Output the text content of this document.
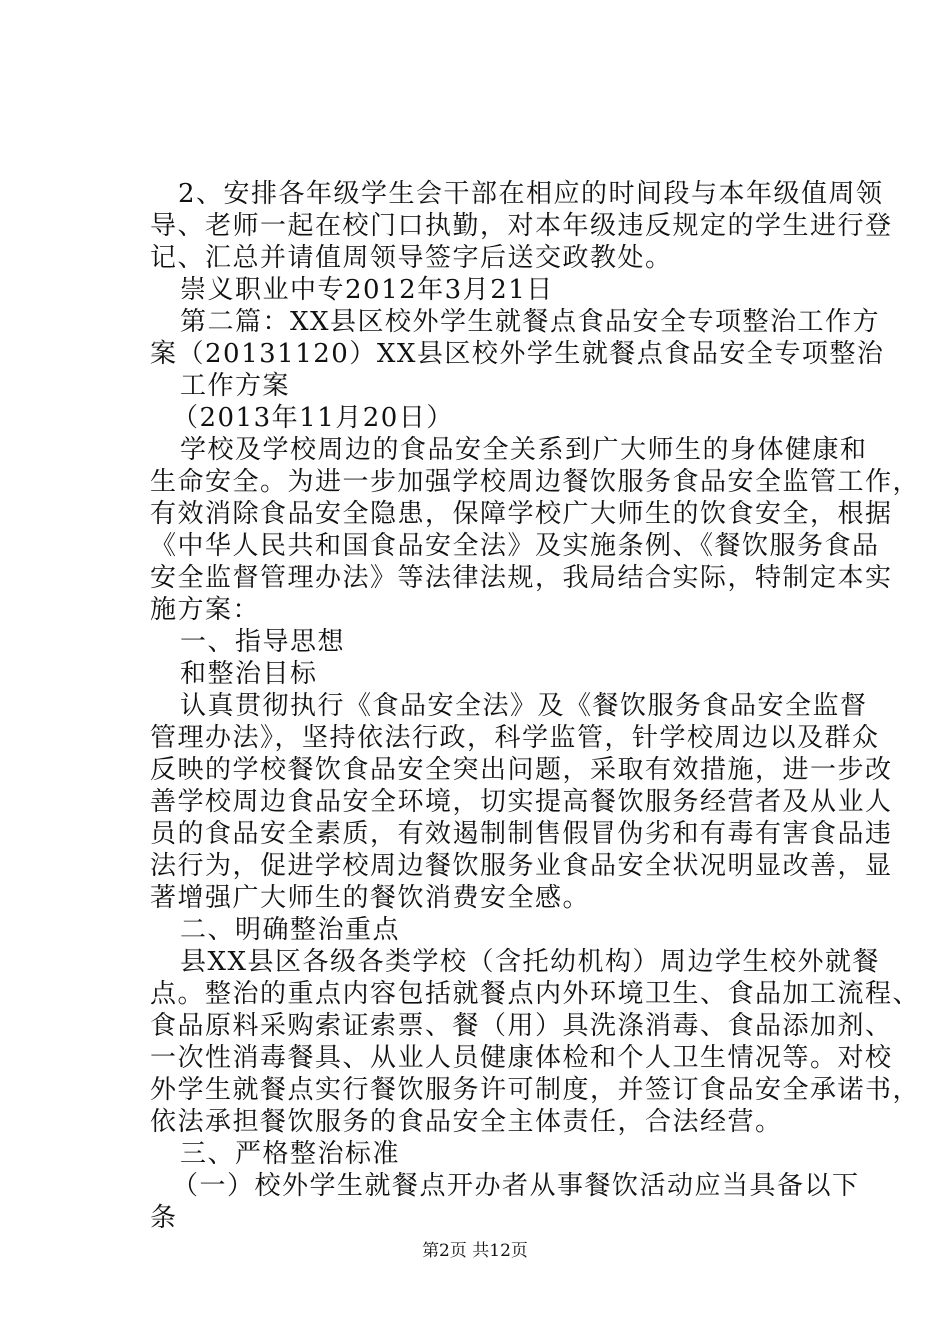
2、安排各年级学生会干部在相应的时间段与本年级值周领
导、老师一起在校门口执勤，对本年级违反规定的学生进行登
记、汇总并请值周领导签字后送交政教处。
崇义职业中专2012年3月21日
第二篇：XX县区校外学生就餐点食品安全专项整治工作方
案（20131120）XX县区校外学生就餐点食品安全专项整治
工作方案
（2013年11月20日）
学校及学校周边的食品安全关系到广大师生的身体健康和
生命安全。为进一步加强学校周边餐饮服务食品安全监管工作，
有效消除食品安全隐患，保障学校广大师生的饮食安全，根据
《中华人民共和国食品安全法》及实施条例、《餐饮服务食品
安全监督管理办法》等法律法规，我局结合实际，特制定本实
施方案：
一、指导思想
和整治目标
认真贯彻执行《食品安全法》及《餐饮服务食品安全监督
管理办法》，坚持依法行政，科学监管，针学校周边以及群众
反映的学校餐饮食品安全突出问题，采取有效措施，进一步改
善学校周边食品安全环境，切实提高餐饮服务经营者及从业人
员的食品安全素质，有效遏制制售假冒伪劣和有毒有害食品违
法行为，促进学校周边餐饮服务业食品安全状况明显改善，显
著增强广大师生的餐饮消费安全感。
二、明确整治重点
县XX县区各级各类学校（含托幼机构）周边学生校外就餐
点。整治的重点内容包括就餐点内外环境卫生、食品加工流程、
食品原料采购索证索票、餐（用）具洗涤消毒、食品添加剂、
一次性消毒餐具、从业人员健康体检和个人卫生情况等。对校
外学生就餐点实行餐饮服务许可制度，并签订食品安全承诺书，
依法承担餐饮服务的食品安全主体责任，合法经营。
三、严格整治标准
（一）校外学生就餐点开办者从事餐饮活动应当具备以下
条
第2页 共12页
